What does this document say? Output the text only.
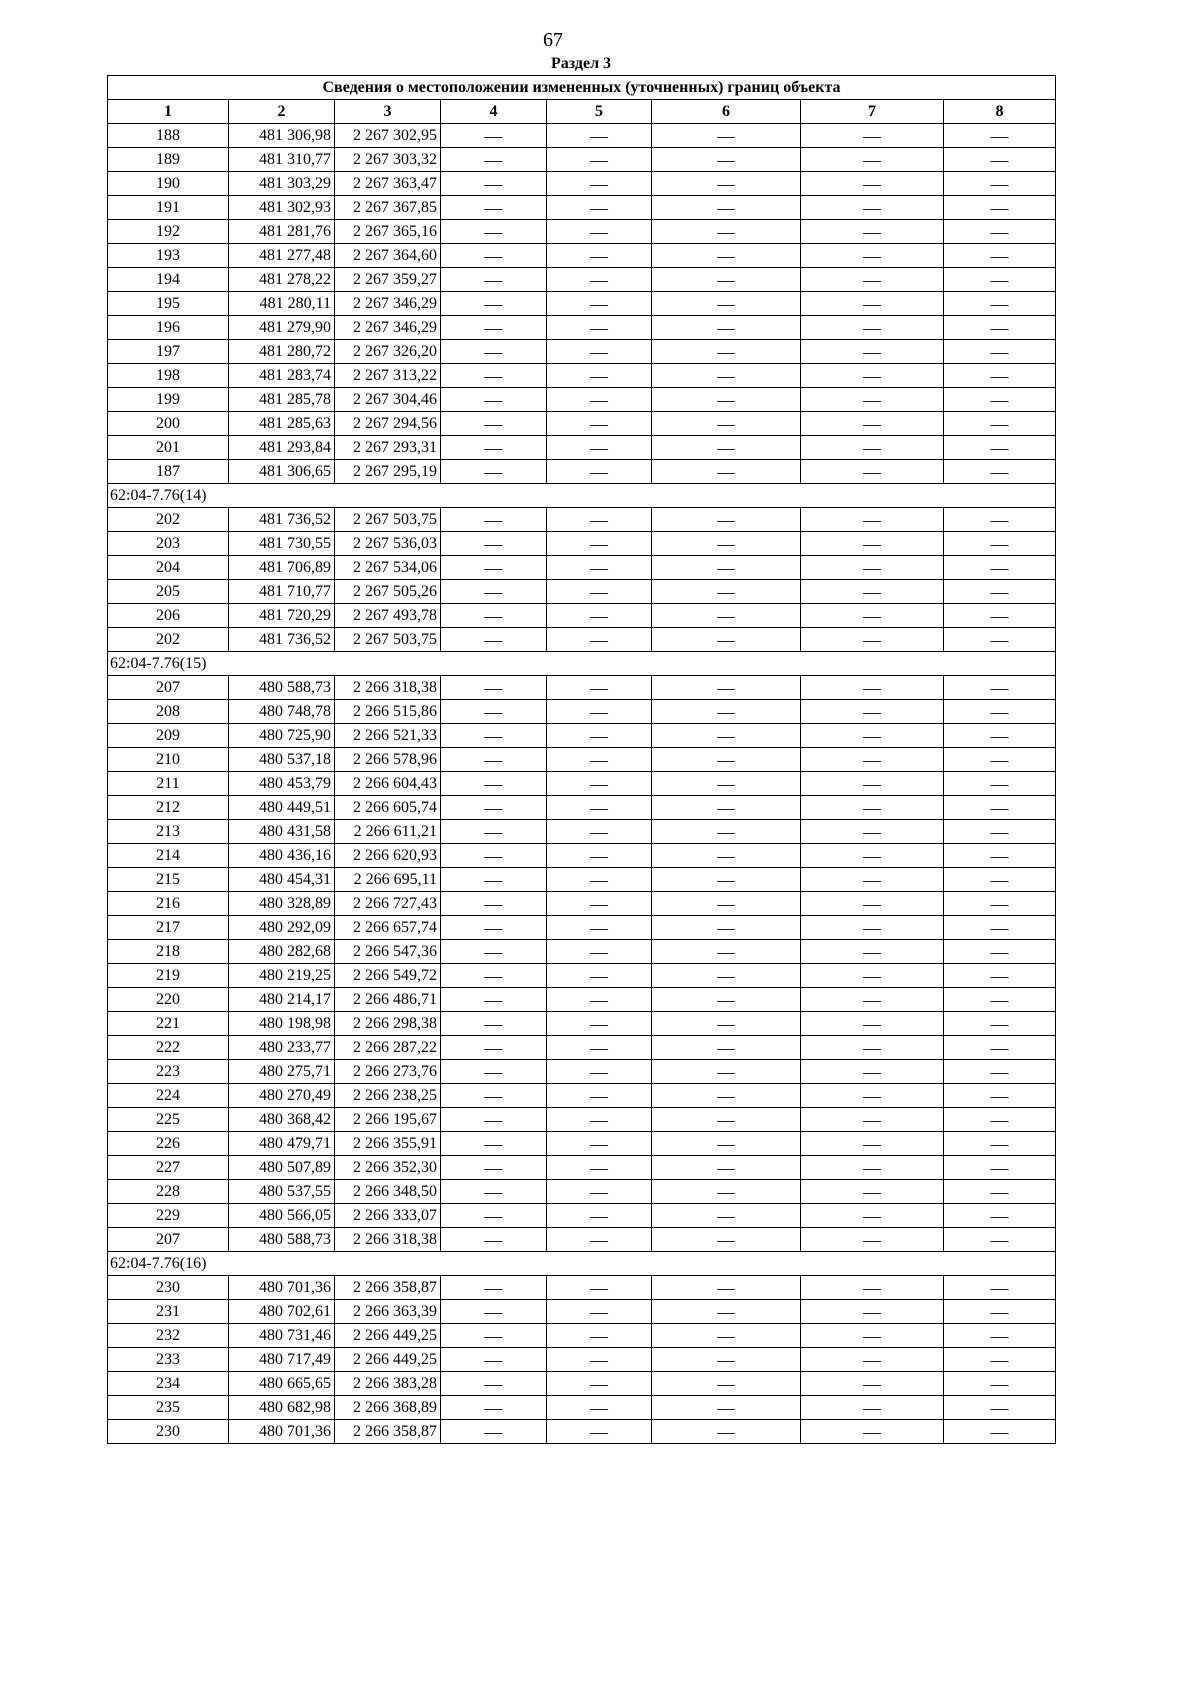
67
Раздел 3
Сведения о местоположении измененных (уточненных) границ объекта							
1	2	3	4	5	6	7	8
188	481 306,98	2 267 302,95	—	—	—	—	—
189	481 310,77	2 267 303,32	—	—	—	—	—
190	481 303,29	2 267 363,47	—	—	—	—	—
191	481 302,93	2 267 367,85	—	—	—	—	—
192	481 281,76	2 267 365,16	—	—	—	—	—
193	481 277,48	2 267 364,60	—	—	—	—	—
194	481 278,22	2 267 359,27	—	—	—	—	—
195	481 280,11	2 267 346,29	—	—	—	—	—
196	481 279,90	2 267 346,29	—	—	—	—	—
197	481 280,72	2 267 326,20	—	—	—	—	—
198	481 283,74	2 267 313,22	—	—	—	—	—
199	481 285,78	2 267 304,46	—	—	—	—	—
200	481 285,63	2 267 294,56	—	—	—	—	—
201	481 293,84	2 267 293,31	—	—	—	—	—
187	481 306,65	2 267 295,19	—	—	—	—	—
62:04-7.76(14)							
202	481 736,52	2 267 503,75	—	—	—	—	—
203	481 730,55	2 267 536,03	—	—	—	—	—
204	481 706,89	2 267 534,06	—	—	—	—	—
205	481 710,77	2 267 505,26	—	—	—	—	—
206	481 720,29	2 267 493,78	—	—	—	—	—
202	481 736,52	2 267 503,75	—	—	—	—	—
62:04-7.76(15)							
207	480 588,73	2 266 318,38	—	—	—	—	—
208	480 748,78	2 266 515,86	—	—	—	—	—
209	480 725,90	2 266 521,33	—	—	—	—	—
210	480 537,18	2 266 578,96	—	—	—	—	—
211	480 453,79	2 266 604,43	—	—	—	—	—
212	480 449,51	2 266 605,74	—	—	—	—	—
213	480 431,58	2 266 611,21	—	—	—	—	—
214	480 436,16	2 266 620,93	—	—	—	—	—
215	480 454,31	2 266 695,11	—	—	—	—	—
216	480 328,89	2 266 727,43	—	—	—	—	—
217	480 292,09	2 266 657,74	—	—	—	—	—
218	480 282,68	2 266 547,36	—	—	—	—	—
219	480 219,25	2 266 549,72	—	—	—	—	—
220	480 214,17	2 266 486,71	—	—	—	—	—
221	480 198,98	2 266 298,38	—	—	—	—	—
222	480 233,77	2 266 287,22	—	—	—	—	—
223	480 275,71	2 266 273,76	—	—	—	—	—
224	480 270,49	2 266 238,25	—	—	—	—	—
225	480 368,42	2 266 195,67	—	—	—	—	—
226	480 479,71	2 266 355,91	—	—	—	—	—
227	480 507,89	2 266 352,30	—	—	—	—	—
228	480 537,55	2 266 348,50	—	—	—	—	—
229	480 566,05	2 266 333,07	—	—	—	—	—
207	480 588,73	2 266 318,38	—	—	—	—	—
62:04-7.76(16)							
230	480 701,36	2 266 358,87	—	—	—	—	—
231	480 702,61	2 266 363,39	—	—	—	—	—
232	480 731,46	2 266 449,25	—	—	—	—	—
233	480 717,49	2 266 449,25	—	—	—	—	—
234	480 665,65	2 266 383,28	—	—	—	—	—
235	480 682,98	2 266 368,89	—	—	—	—	—
230	480 701,36	2 266 358,87	—	—	—	—	—
